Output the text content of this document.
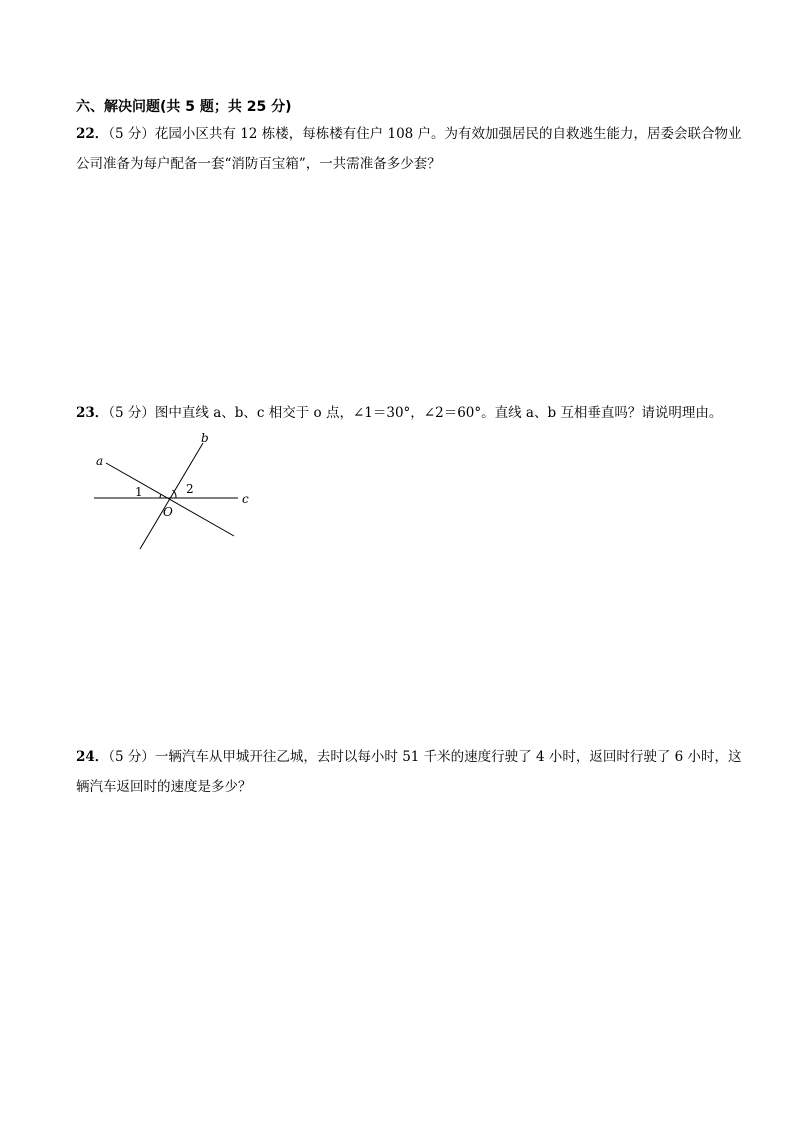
六、解决问题(共 5 题；共 25 分)
22．（5 分）花园小区共有 12 栋楼，每栋楼有住户 108 户。为有效加强居民的自救逃生能力，居委会联合物业公司准备为每户配备一套“消防百宝箱”，一共需准备多少套？
23．（5 分）图中直线 a、b、c 相交于 o 点，∠1＝30°，∠2＝60°。直线 a、b 互相垂直吗？请说明理由。
a
b
c
O
1	2
24．（5 分）一辆汽车从甲城开往乙城，去时以每小时 51 千米的速度行驶了 4 小时，返回时行驶了 6 小时，这辆汽车返回时的速度是多少？
